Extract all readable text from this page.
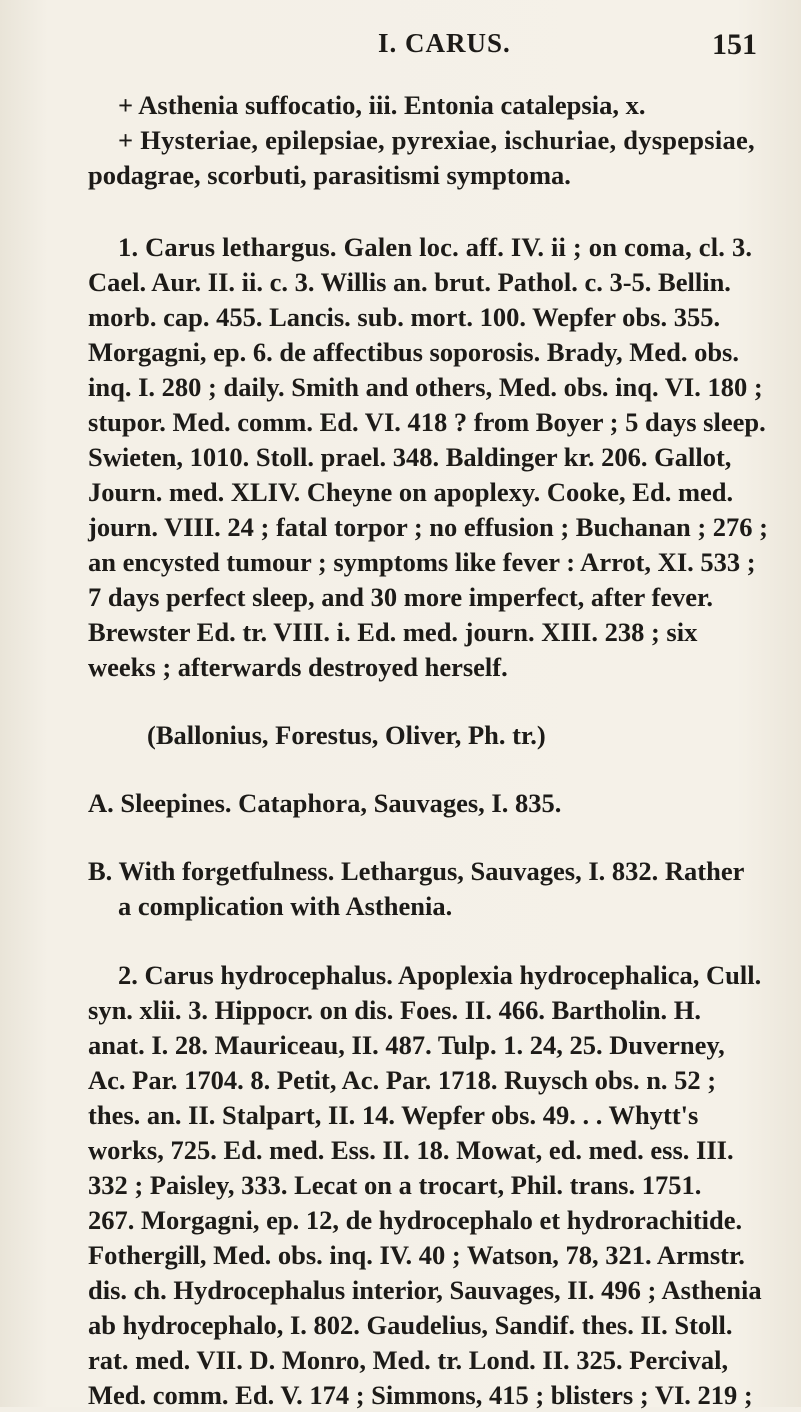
I. CARUS.	151
+ Asthenia suffocatio, iii. Entonia catalepsia, x.
+ Hysteriae, epilepsiae, pyrexiae, ischuriae, dyspepsiae,
podagrae, scorbuti, parasitismi symptoma.
1. Carus lethargus. Galen loc. aff. IV. ii ; on coma, cl. 3.
Cael. Aur. II. ii. c. 3. Willis an. brut. Pathol. c. 3-5. Bellin.
morb. cap. 455. Lancis. sub. mort. 100. Wepfer obs. 355.
Morgagni, ep. 6. de affectibus soporosis. Brady, Med. obs.
inq. I. 280 ; daily. Smith and others, Med. obs. inq. VI. 180 ;
stupor. Med. comm. Ed. VI. 418 ? from Boyer ; 5 days sleep.
Swieten, 1010. Stoll. prael. 348. Baldinger kr. 206. Gallot,
Journ. med. XLIV. Cheyne on apoplexy. Cooke, Ed. med.
journ. VIII. 24 ; fatal torpor ; no effusion ; Buchanan ; 276 ;
an encysted tumour ; symptoms like fever : Arrot, XI. 533 ;
7 days perfect sleep, and 30 more imperfect, after fever.
Brewster Ed. tr. VIII. i. Ed. med. journ. XIII. 238 ; six
weeks ; afterwards destroyed herself.
(Ballonius, Forestus, Oliver, Ph. tr.)
A. Sleepines. Cataphora, Sauvages, I. 835.
B. With forgetfulness. Lethargus, Sauvages, I. 832. Rather
a complication with Asthenia.
2. Carus hydrocephalus. Apoplexia hydrocephalica, Cull.
syn. xlii. 3. Hippocr. on dis. Foes. II. 466. Bartholin. H.
anat. I. 28. Mauriceau, II. 487. Tulp. 1. 24, 25. Duverney,
Ac. Par. 1704. 8. Petit, Ac. Par. 1718. Ruysch obs. n. 52 ;
thes. an. II. Stalpart, II. 14. Wepfer obs. 49. . . Whytt's
works, 725. Ed. med. Ess. II. 18. Mowat, ed. med. ess. III.
332 ; Paisley, 333. Lecat on a trocart, Phil. trans. 1751.
267. Morgagni, ep. 12, de hydrocephalo et hydrorachitide.
Fothergill, Med. obs. inq. IV. 40 ; Watson, 78, 321. Armstr.
dis. ch. Hydrocephalus interior, Sauvages, II. 496 ; Asthenia
ab hydrocephalo, I. 802. Gaudelius, Sandif. thes. II. Stoll.
rat. med. VII. D. Monro, Med. tr. Lond. II. 325. Percival,
Med. comm. Ed. V. 174 ; Simmons, 415 ; blisters ; VI. 219 ;
